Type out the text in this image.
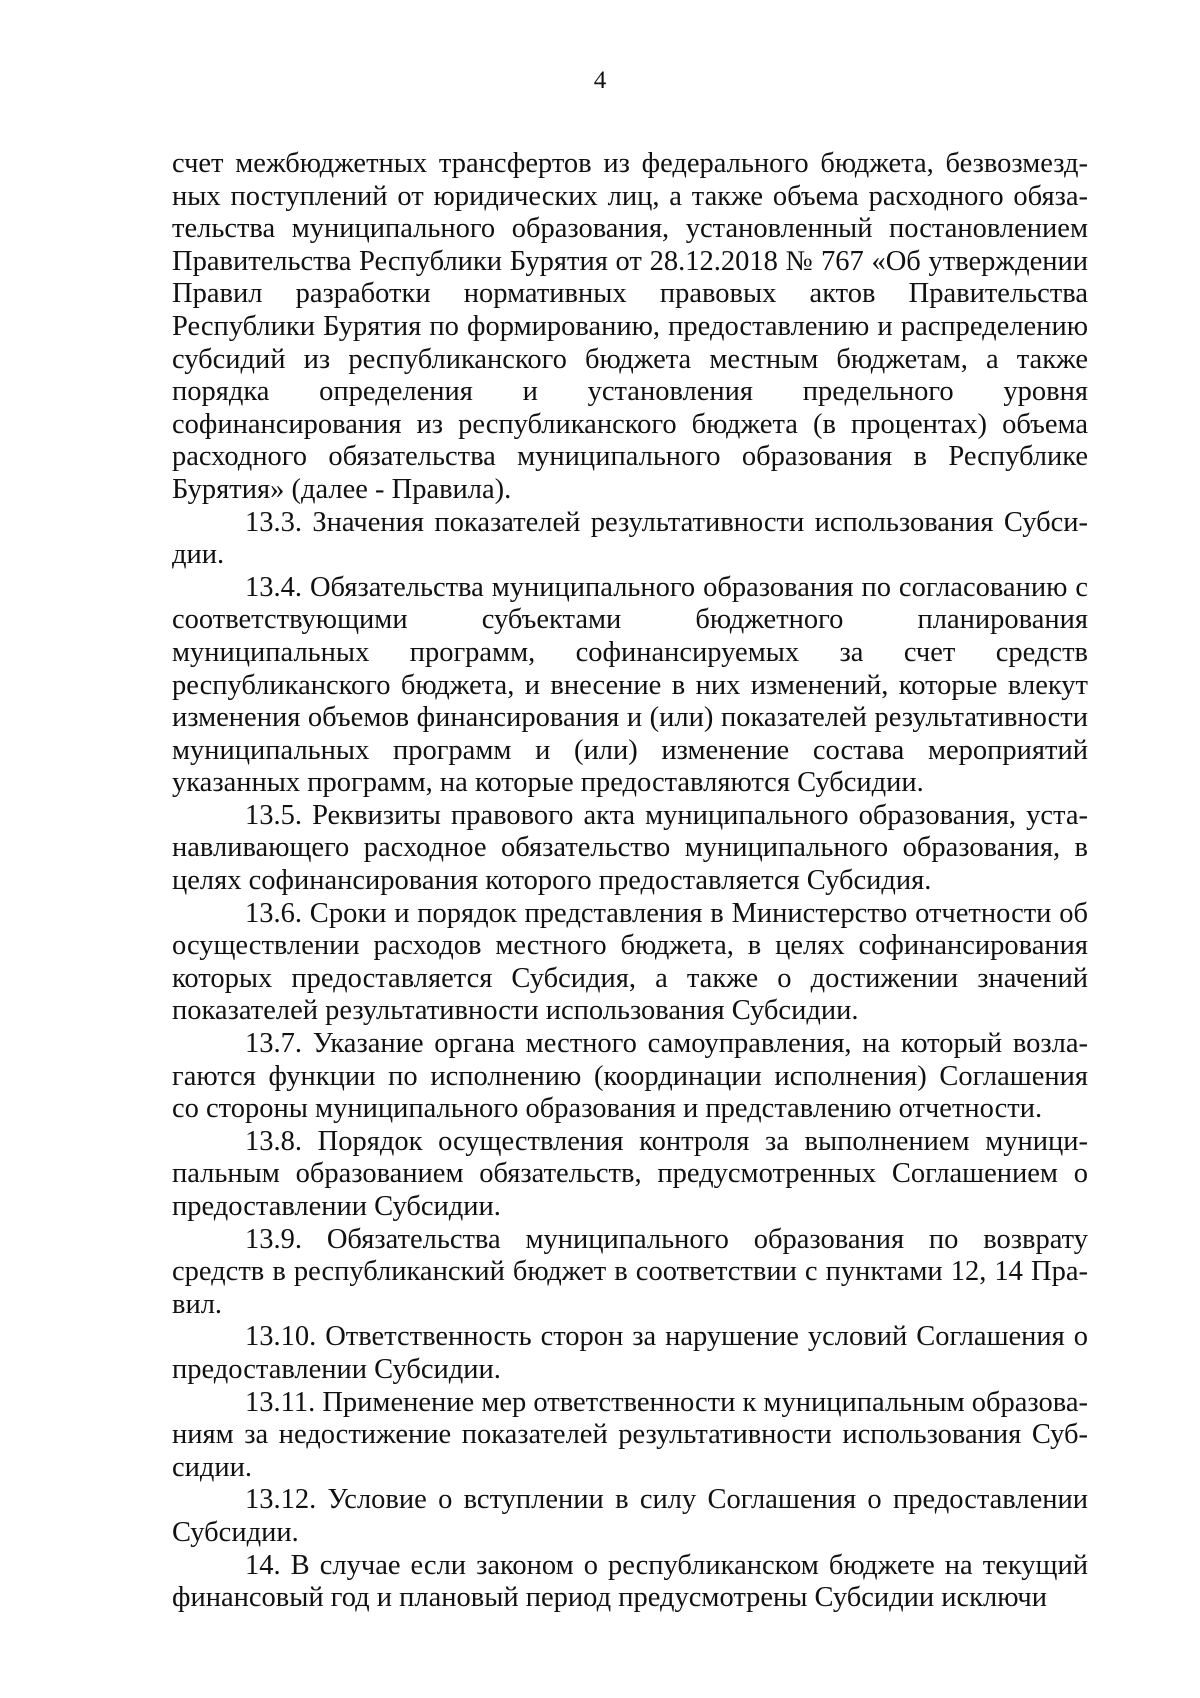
4

счет межбюджетных трансфертов из федерального бюджета, безвозмездных поступлений от юридических лиц, а также объема расходного обязательства муниципального образования, установленный постановлением Правительства Республики Бурятия от 28.12.2018 № 767 «Об утверждении Правил разработки нормативных правовых актов Правительства Республики Бурятия по формированию, предоставлению и распределению субсидий из республиканского бюджета местным бюджетам, а также порядка определения и установления предельного уровня софинансирования из республиканского бюджета (в процентах) объема расходного обязательства муниципального образования в Республике Бурятия» (далее - Правила).

13.3. Значения показателей результативности использования Субсидии.

13.4. Обязательства муниципального образования по согласованию с соответствующими субъектами бюджетного планирования муниципальных программ, софинансируемых за счет средств республиканского бюджета, и внесение в них изменений, которые влекут изменения объемов финансирования и (или) показателей результативности муниципальных программ и (или) изменение состава мероприятий указанных программ, на которые предоставляются Субсидии.

13.5. Реквизиты правового акта муниципального образования, устанавливающего расходное обязательство муниципального образования, в целях софинансирования которого предоставляется Субсидия.

13.6. Сроки и порядок представления в Министерство отчетности об осуществлении расходов местного бюджета, в целях софинансирования которых предоставляется Субсидия, а также о достижении значений показателей результативности использования Субсидии.

13.7. Указание органа местного самоуправления, на который возлагаются функции по исполнению (координации исполнения) Соглашения со стороны муниципального образования и представлению отчетности.

13.8. Порядок осуществления контроля за выполнением муниципальным образованием обязательств, предусмотренных Соглашением о предоставлении Субсидии.

13.9. Обязательства муниципального образования по возврату средств в республиканский бюджет в соответствии с пунктами 12, 14 Правил.

13.10. Ответственность сторон за нарушение условий Соглашения о предоставлении Субсидии.

13.11. Применение мер ответственности к муниципальным образованиям за недостижение показателей результативности использования Субсидии.

13.12. Условие о вступлении в силу Соглашения о предоставлении Субсидии.

14. В случае если законом о республиканском бюджете на текущий финансовый год и плановый период предусмотрены Субсидии исключи
